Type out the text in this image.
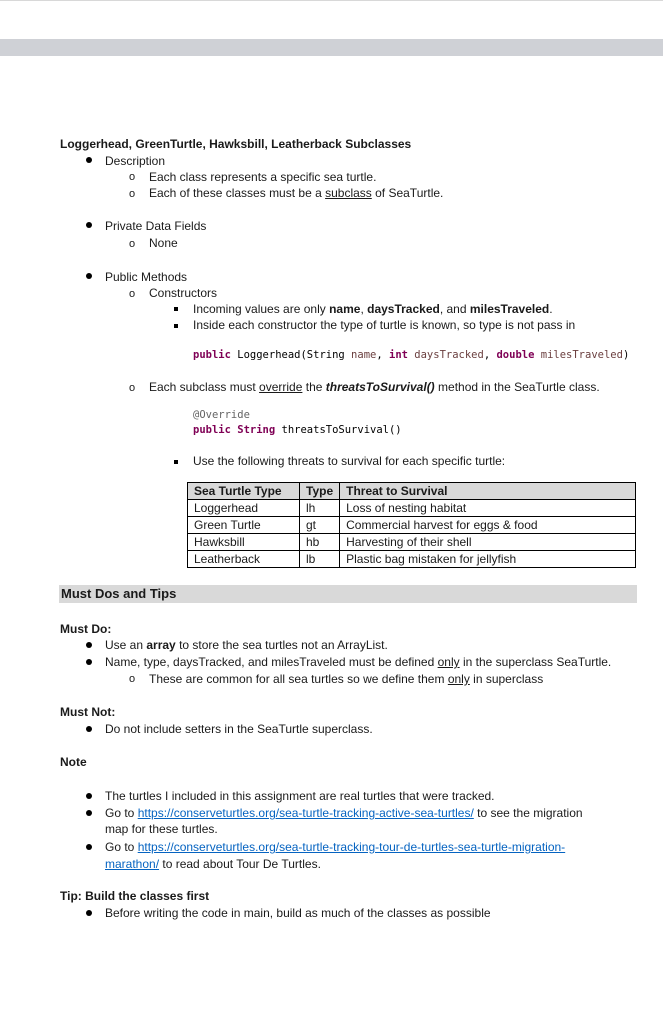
Loggerhead, GreenTurtle, Hawksbill, Leatherback Subclasses
Description
o Each class represents a specific sea turtle.
o Each of these classes must be a subclass of SeaTurtle.
Private Data Fields
o None
Public Methods
o Constructors
Incoming values are only name, daysTracked, and milesTraveled.
Inside each constructor the type of turtle is known, so type is not pass in
public Loggerhead(String name, int daysTracked, double milesTraveled)
o Each subclass must override the threatsToSurvival() method in the SeaTurtle class.
@Override
public String threatsToSurvival()
Use the following threats to survival for each specific turtle:
Sea Turtle Type	Type	Threat to Survival
Loggerhead	lh	Loss of nesting habitat
Green Turtle	gt	Commercial harvest for eggs & food
Hawksbill	hb	Harvesting of their shell
Leatherback	lb	Plastic bag mistaken for jellyfish
Must Dos and Tips
Must Do:
Use an array to store the sea turtles not an ArrayList.
Name, type, daysTracked, and milesTraveled must be defined only in the superclass SeaTurtle.
o These are common for all sea turtles so we define them only in superclass
Must Not:
Do not include setters in the SeaTurtle superclass.
Note
The turtles I included in this assignment are real turtles that were tracked.
Go to https://conserveturtles.org/sea-turtle-tracking-active-sea-turtles/ to see the migration
map for these turtles.
Go to https://conserveturtles.org/sea-turtle-tracking-tour-de-turtles-sea-turtle-migration-
marathon/ to read about Tour De Turtles.
Tip: Build the classes first
Before writing the code in main, build as much of the classes as possible
